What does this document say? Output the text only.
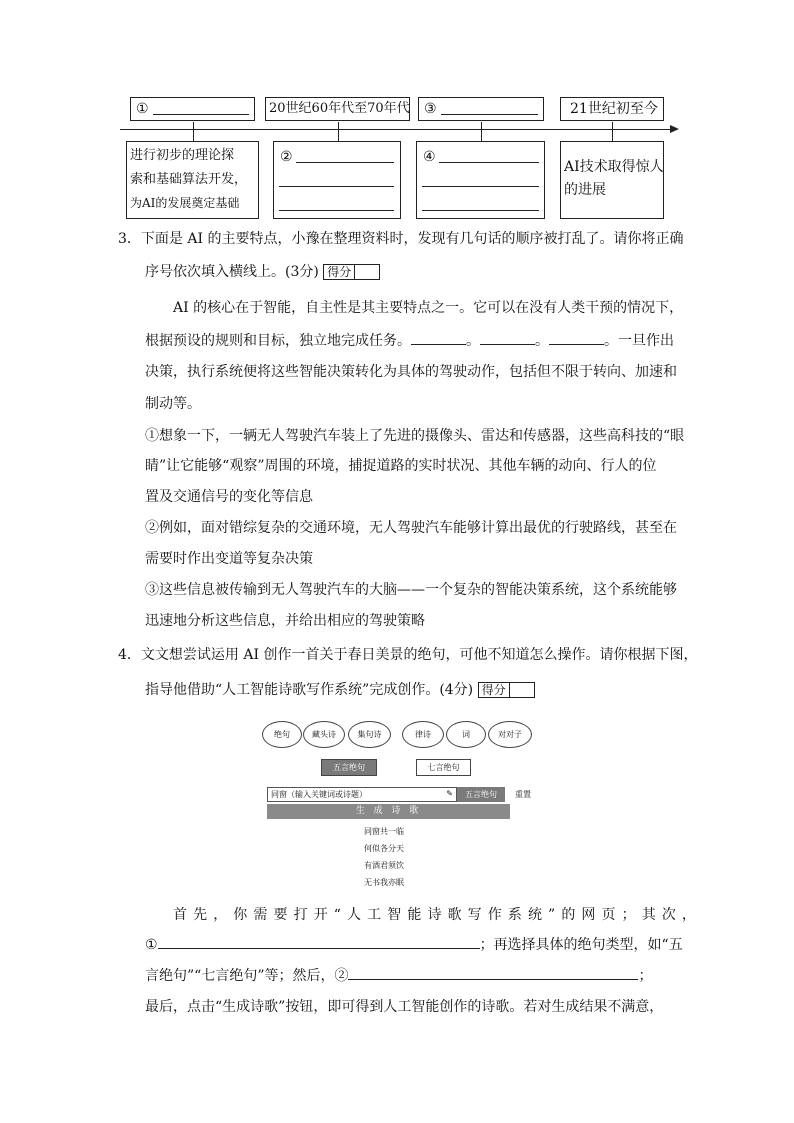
①	20世纪60年代至70年代 ③	21世纪初至今
进行初步的理论探
索和基础算法开发，
为AI的发展奠定基础
②	④
AI技术取得惊人
的进展
3．下面是 AI 的主要特点，小豫在整理资料时，发现有几句话的顺序被打乱了。请你将正确
序号依次填入横线上。(3分) 得分
AI 的核心在于智能，自主性是其主要特点之一。它可以在没有人类干预的情况下，
根据预设的规则和目标，独立地完成任务。	。	。	。一旦作出
决策，执行系统便将这些智能决策转化为具体的驾驶动作，包括但不限于转向、加速和
制动等。
①想象一下，一辆无人驾驶汽车装上了先进的摄像头、雷达和传感器，这些高科技的“眼
睛”让它能够“观察”周围的环境，捕捉道路的实时状况、其他车辆的动向、行人的位
置及交通信号的变化等信息
②例如，面对错综复杂的交通环境，无人驾驶汽车能够计算出最优的行驶路线，甚至在
需要时作出变道等复杂决策
③这些信息被传输到无人驾驶汽车的大脑——一个复杂的智能决策系统，这个系统能够
迅速地分析这些信息，并给出相应的驾驶策略
4．文文想尝试运用 AI 创作一首关于春日美景的绝句，可他不知道怎么操作。请你根据下图，
指导他借助“人工智能诗歌写作系统”完成创作。(4分) 得分
绝句	藏头诗	集句诗	律诗	词	对对子
五言绝句	七言绝句
同窗（输入关键词或诗题）	✎	五言绝句	重置
生 成 诗 歌
同窗共一临
何似各分天
有酒君须饮
无书我亦眠
首先，你需要打开“人工智能诗歌写作系统”的网页；其次，
①	；再选择具体的绝句类型，如“五
言绝句”“七言绝句”等；然后，②	；
最后，点击“生成诗歌”按钮，即可得到人工智能创作的诗歌。若对生成结果不满意，
